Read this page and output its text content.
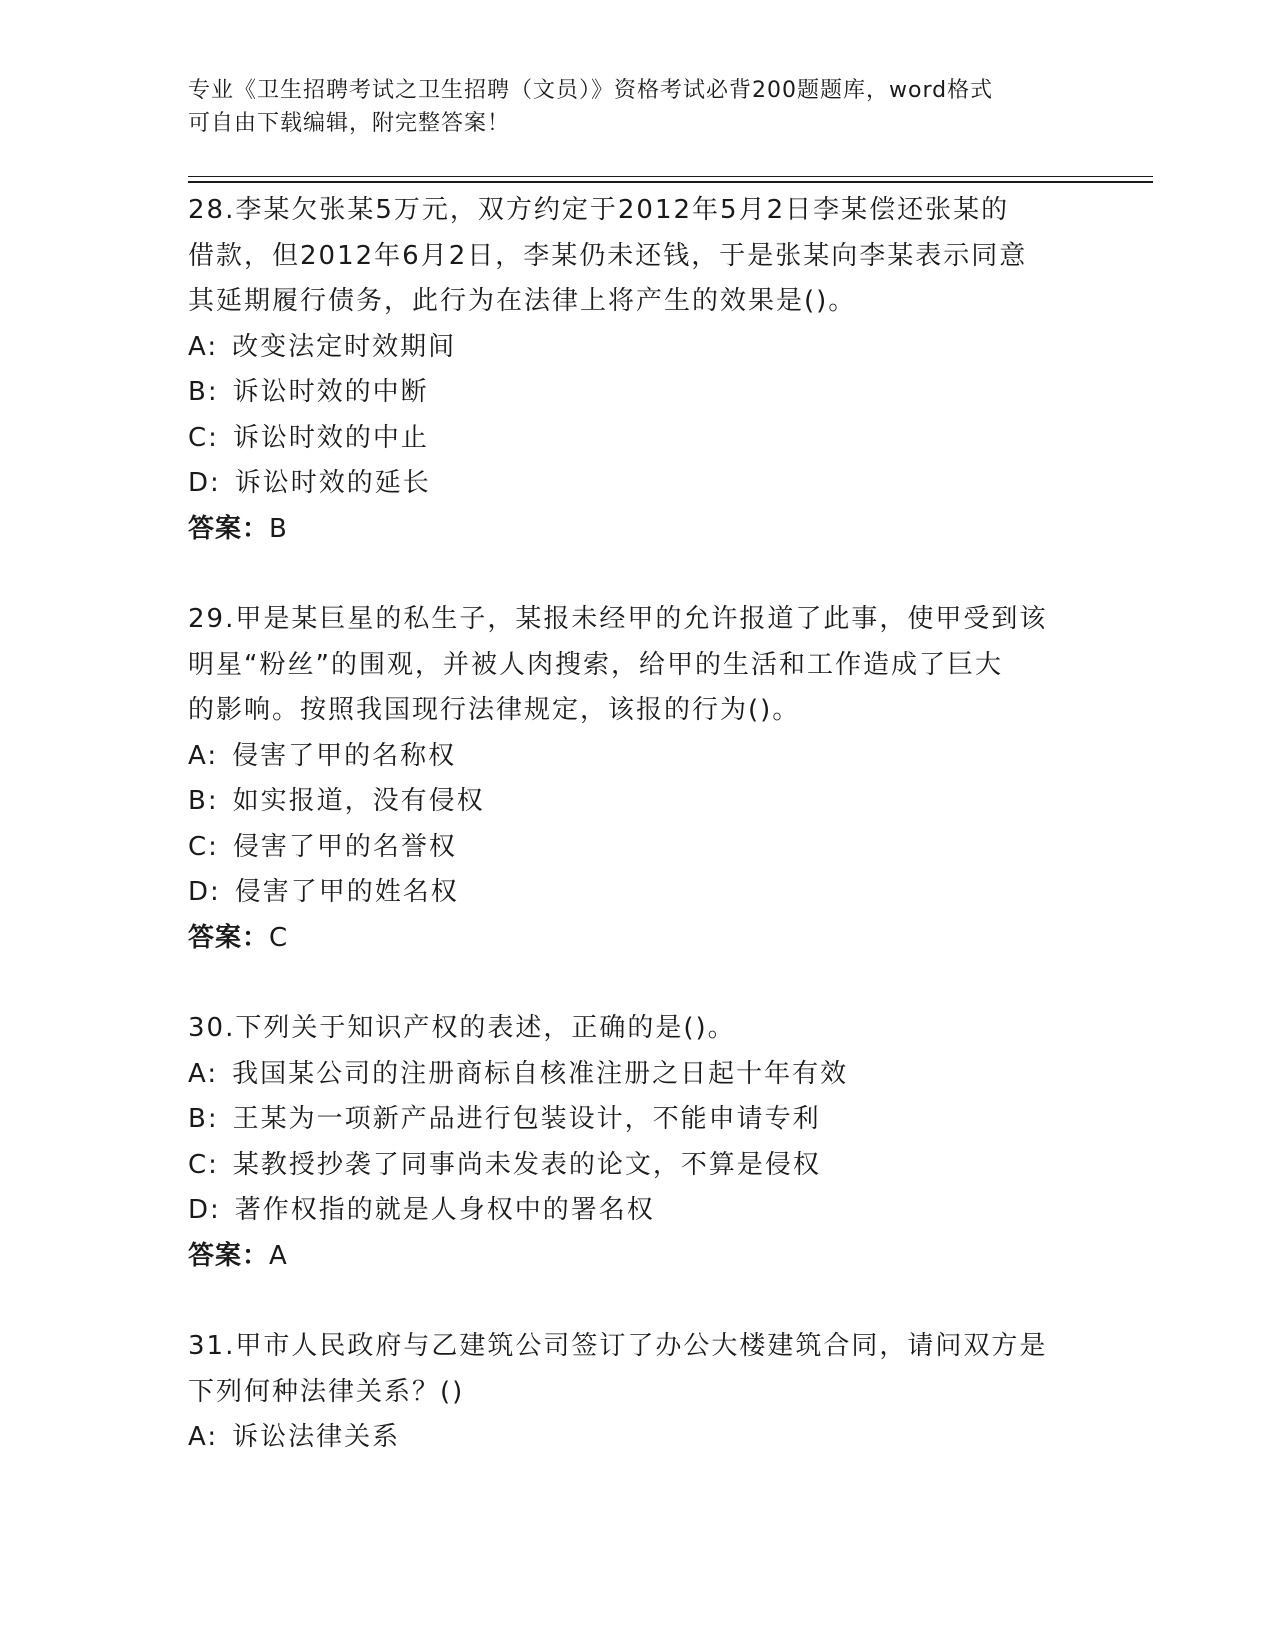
专业《卫生招聘考试之卫生招聘（文员）》资格考试必背200题题库，word格式
可自由下载编辑，附完整答案！

28.李某欠张某5万元，双方约定于2012年5月2日李某偿还张某的

借款，但2012年6月2日，李某仍未还钱，于是张某向李某表示同意

其延期履行债务，此行为在法律上将产生的效果是()。

A: 改变法定时效期间

B: 诉讼时效的中断

C: 诉讼时效的中止

D: 诉讼时效的延长

答案：B

29.甲是某巨星的私生子，某报未经甲的允许报道了此事，使甲受到该

明星“粉丝”的围观，并被人肉搜索，给甲的生活和工作造成了巨大

的影响。按照我国现行法律规定，该报的行为()。

A: 侵害了甲的名称权

B: 如实报道，没有侵权

C: 侵害了甲的名誉权

D: 侵害了甲的姓名权

答案：C

30.下列关于知识产权的表述，正确的是()。

A: 我国某公司的注册商标自核准注册之日起十年有效

B: 王某为一项新产品进行包装设计，不能申请专利

C: 某教授抄袭了同事尚未发表的论文，不算是侵权

D: 著作权指的就是人身权中的署名权

答案：A

31.甲市人民政府与乙建筑公司签订了办公大楼建筑合同，请问双方是

下列何种法律关系？()

A: 诉讼法律关系
